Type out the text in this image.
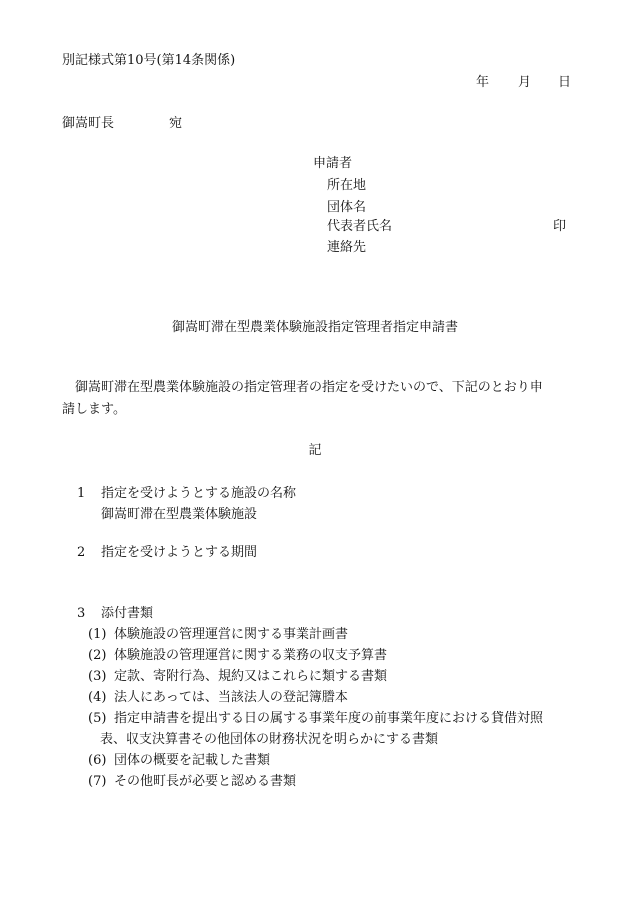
別記様式第10号(第14条関係)
年 月 日
御嵩町長	宛
申請者
所在地
団体名
代表者氏名	印
連絡先
御嵩町滞在型農業体験施設指定管理者指定申請書
御嵩町滞在型農業体験施設の指定管理者の指定を受けたいので、下記のとおり申
請します。
記
1 指定を受けようとする施設の名称
御嵩町滞在型農業体験施設
2 指定を受けようとする期間
3 添付書類
(1) 体験施設の管理運営に関する事業計画書
(2) 体験施設の管理運営に関する業務の収支予算書
(3) 定款、寄附行為、規約又はこれらに類する書類
(4) 法人にあっては、当該法人の登記簿謄本
(5) 指定申請書を提出する日の属する事業年度の前事業年度における貸借対照
表、収支決算書その他団体の財務状況を明らかにする書類
(6) 団体の概要を記載した書類
(7) その他町長が必要と認める書類
